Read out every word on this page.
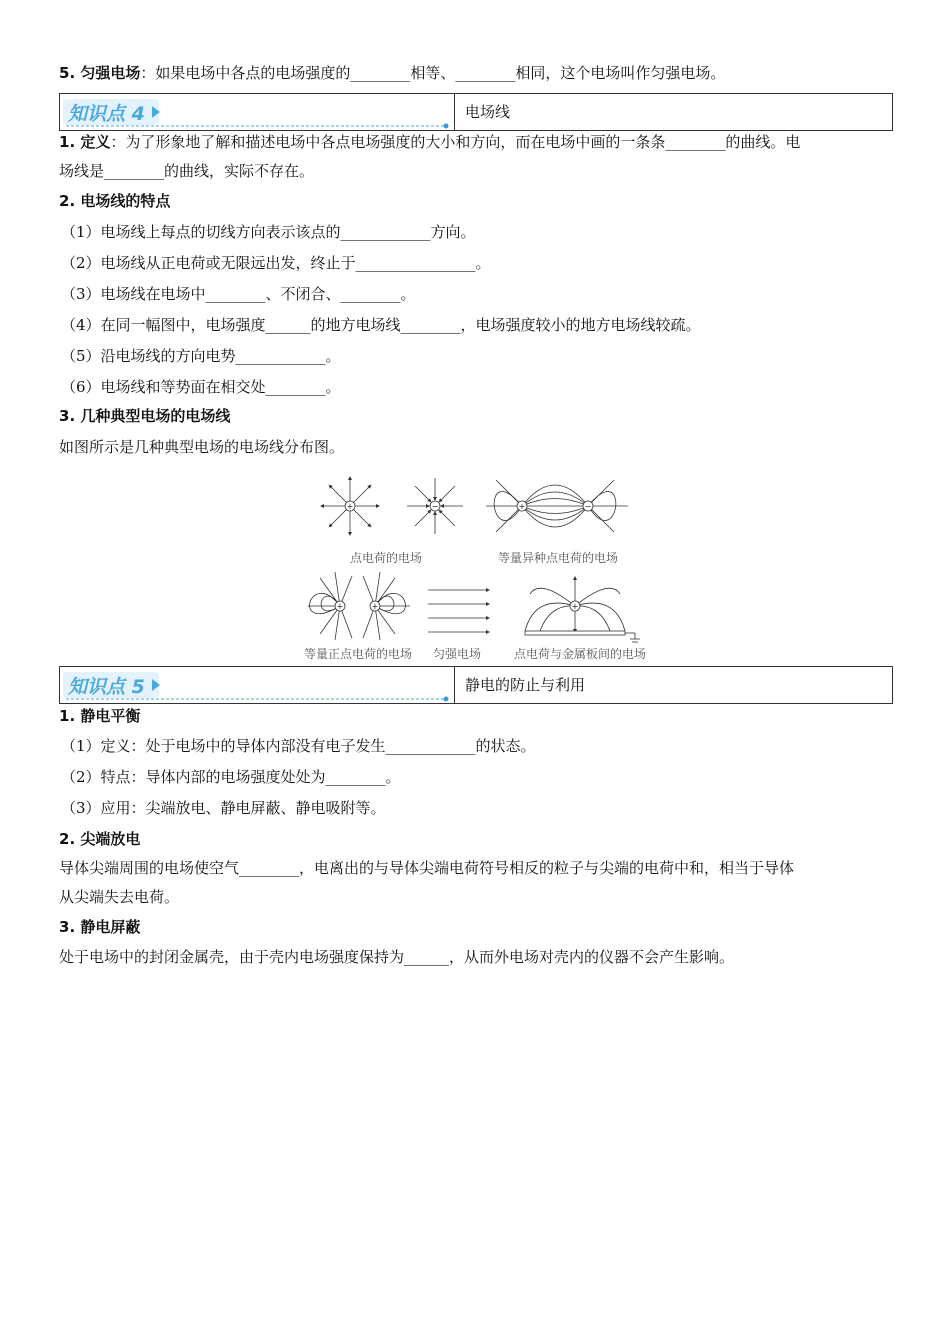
5. 匀强电场：如果电场中各点的电场强度的________相等、________相同，这个电场叫作匀强电场。
知识点 4	电场线
1. 定义：为了形象地了解和描述电场中各点电场强度的大小和方向，而在电场中画的一条条________的曲线。电
场线是________的曲线，实际不存在。
2. 电场线的特点
（1）电场线上每点的切线方向表示该点的____________方向。
（2）电场线从正电荷或无限远出发，终止于________________。
（3）电场线在电场中________、不闭合、________。
（4）在同一幅图中，电场强度______的地方电场线________，电场强度较小的地方电场线较疏。
（5）沿电场线的方向电势____________。
（6）电场线和等势面在相交处________。
3. 几种典型电场的电场线
如图所示是几种典型电场的电场线分布图。
+	−	+	−
+	+	+
点电荷的电场	等量异种点电荷的电场
等量正点电荷的电场 匀强电场	点电荷与金属板间的电场
知识点 5	静电的防止与利用
1. 静电平衡
（1）定义：处于电场中的导体内部没有电子发生____________的状态。
（2）特点：导体内部的电场强度处处为________。
（3）应用：尖端放电、静电屏蔽、静电吸附等。
2. 尖端放电
导体尖端周围的电场使空气________，电离出的与导体尖端电荷符号相反的粒子与尖端的电荷中和，相当于导体
从尖端失去电荷。
3. 静电屏蔽
处于电场中的封闭金属壳，由于壳内电场强度保持为______，从而外电场对壳内的仪器不会产生影响。
